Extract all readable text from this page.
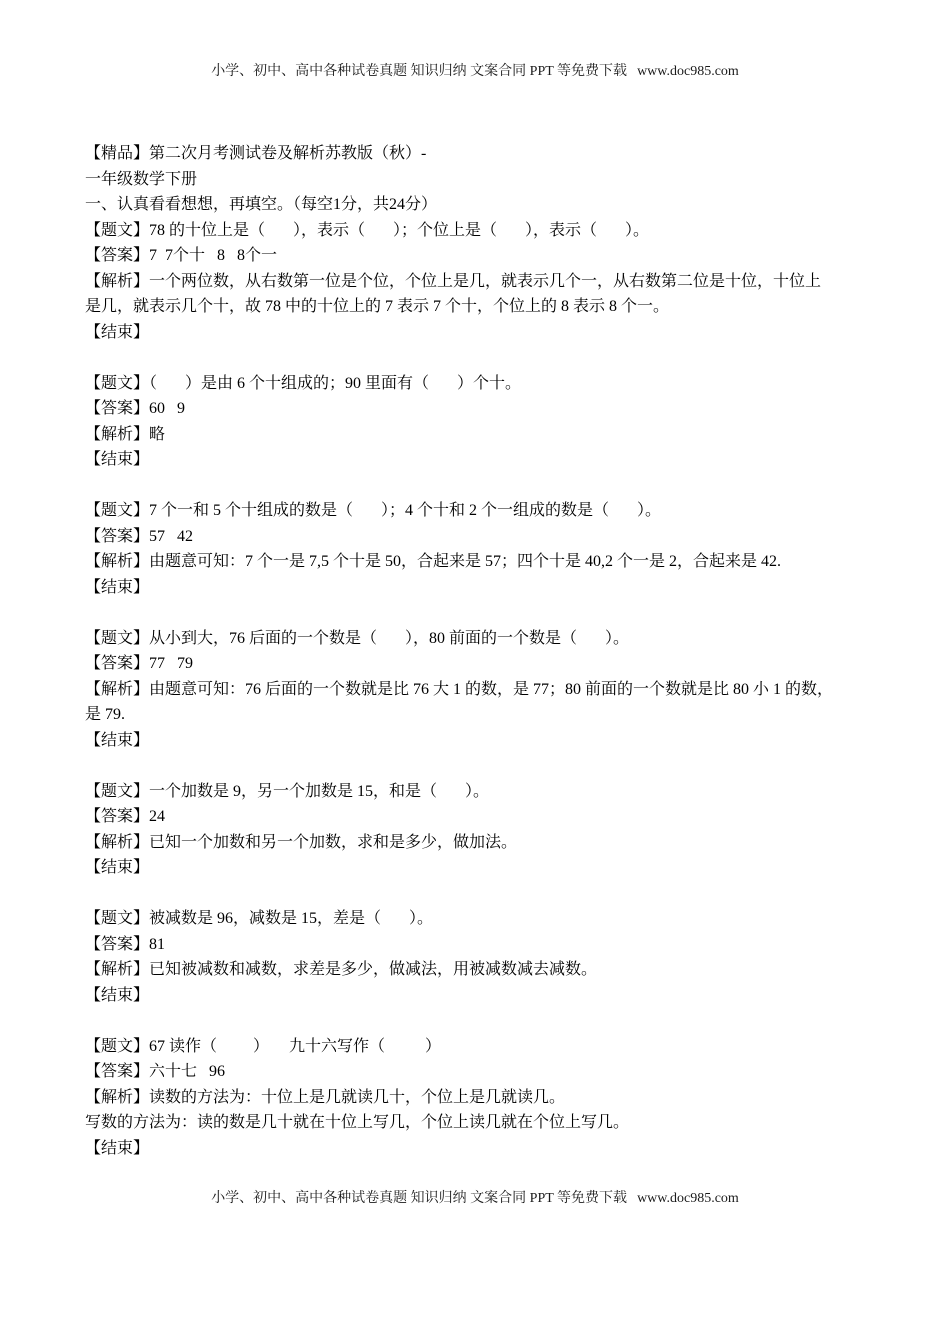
小学、初中、高中各种试卷真题 知识归纳 文案合同 PPT 等免费下载 www.doc985.com

【精品】第二次月考测试卷及解析苏教版（秋）-

一年级数学下册

一、认真看看想想，再填空。（每空1分，共24分）

【题文】78 的十位上是（       ），表示（       ）；个位上是（       ），表示（       ）。

【答案】7  7个十   8   8个一

【解析】一个两位数，从右数第一位是个位，个位上是几，就表示几个一，从右数第二位是十位，十位上

是几，就表示几个十，故 78 中的十位上的 7 表示 7 个十，个位上的 8 表示 8 个一。

【结束】

【题文】（       ）是由 6 个十组成的；90 里面有（       ）个十。

【答案】60   9

【解析】略

【结束】

【题文】7 个一和 5 个十组成的数是（       ）；4 个十和 2 个一组成的数是（       ）。

【答案】57   42

【解析】由题意可知：7 个一是 7,5 个十是 50，合起来是 57；四个十是 40,2 个一是 2，合起来是 42.

【结束】

【题文】从小到大，76 后面的一个数是（       ），80 前面的一个数是（       ）。

【答案】77   79

【解析】由题意可知：76 后面的一个数就是比 76 大 1 的数，是 77；80 前面的一个数就是比 80 小 1 的数，

是 79.

【结束】

【题文】一个加数是 9，另一个加数是 15，和是（       ）。

【答案】24

【解析】已知一个加数和另一个加数，求和是多少，做加法。

【结束】

【题文】被减数是 96，减数是 15，差是（       ）。

【答案】81

【解析】已知被减数和减数，求差是多少，做减法，用被减数减去减数。

【结束】

【题文】67 读作（         ）     九十六写作（          ）

【答案】六十七   96

【解析】读数的方法为：十位上是几就读几十，个位上是几就读几。

写数的方法为：读的数是几十就在十位上写几，个位上读几就在个位上写几。

【结束】

小学、初中、高中各种试卷真题 知识归纳 文案合同 PPT 等免费下载 www.doc985.com
